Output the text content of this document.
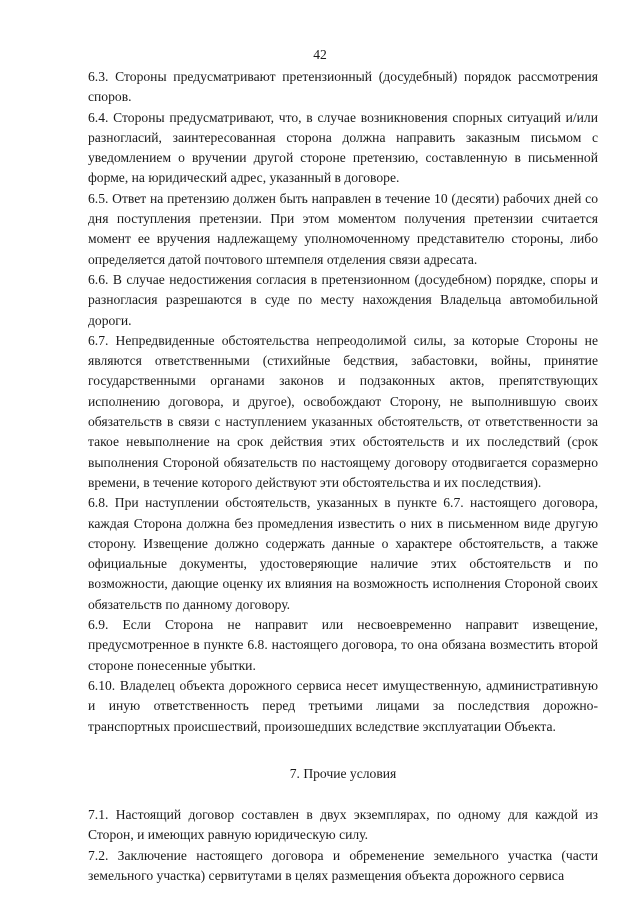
42

6.3. Стороны предусматривают претензионный (досудебный) порядок рассмотрения споров.

6.4. Стороны предусматривают, что, в случае возникновения спорных ситуаций и/или разногласий, заинтересованная сторона должна направить заказным письмом с уведомлением о вручении другой стороне претензию, составленную в письменной форме, на юридический адрес, указанный в договоре.

6.5. Ответ на претензию должен быть направлен в течение 10 (десяти) рабочих дней со дня поступления претензии. При этом моментом получения претензии считается момент ее вручения надлежащему уполномоченному представителю стороны, либо определяется датой почтового штемпеля отделения связи адресата.

6.6. В случае недостижения согласия в претензионном (досудебном) порядке, споры и разногласия разрешаются в суде по месту нахождения Владельца автомобильной дороги.

6.7. Непредвиденные обстоятельства непреодолимой силы, за которые Стороны не являются ответственными (стихийные бедствия, забастовки, войны, принятие государственными органами законов и подзаконных актов, препятствующих исполнению договора, и другое), освобождают Сторону, не выполнившую своих обязательств в связи с наступлением указанных обстоятельств, от ответственности за такое невыполнение на срок действия этих обстоятельств и их последствий (срок выполнения Стороной обязательств по настоящему договору отодвигается соразмерно времени, в течение которого действуют эти обстоятельства и их последствия).

6.8. При наступлении обстоятельств, указанных в пункте 6.7. настоящего договора, каждая Сторона должна без промедления известить о них в письменном виде другую сторону. Извещение должно содержать данные о характере обстоятельств, а также официальные документы, удостоверяющие наличие этих обстоятельств и по возможности, дающие оценку их влияния на возможность исполнения Стороной своих обязательств по данному договору.

6.9. Если Сторона не направит или несвоевременно направит извещение, предусмотренное в пункте 6.8. настоящего договора, то она обязана возместить второй стороне понесенные убытки.

6.10. Владелец объекта дорожного сервиса несет имущественную, административную и иную ответственность перед третьими лицами за последствия дорожно-транспортных происшествий, произошедших вследствие эксплуатации Объекта.

7. Прочие условия

7.1. Настоящий договор составлен в двух экземплярах, по одному для каждой из Сторон, и имеющих равную юридическую силу.

7.2. Заключение настоящего договора и обременение земельного участка (части земельного участка) сервитутами в целях размещения объекта дорожного сервиса
